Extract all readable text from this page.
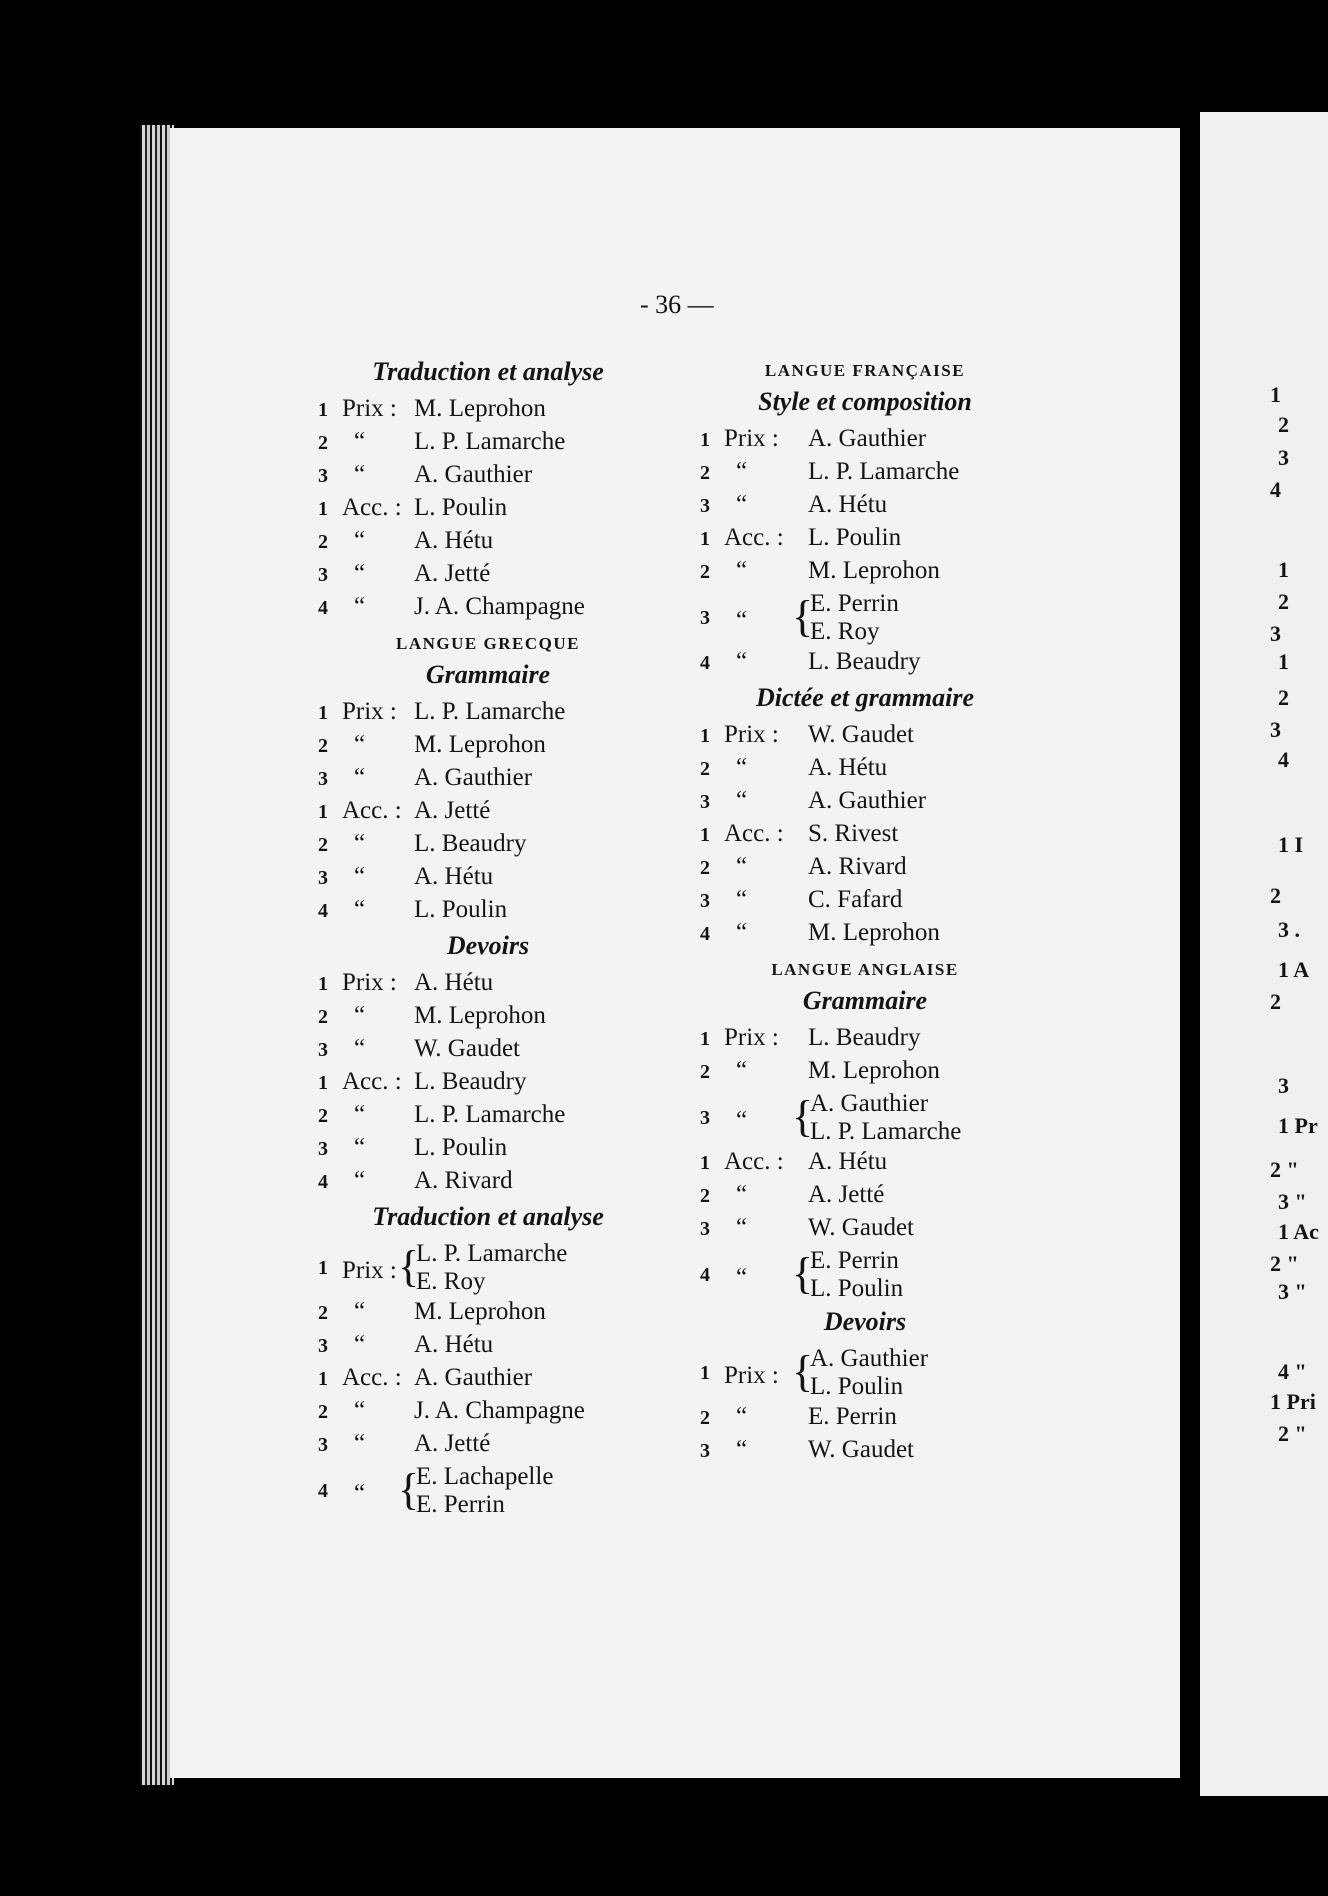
1
2
3
4
1
2
3
1
2
3
4
1 I
2
3 .
1 A
2
3
1 Pr
2 "
3 "
1 Ac
2 "
3 "
4 "
1 Pri
2 "
- 36 —
Traduction et analyse
1 Prix : M. Leprohon
2	“ L. P. Lamarche
3	“ A. Gauthier
1 Acc. : L. Poulin
2	“ A. Hétu
3	“ A. Jetté
4	“ J. A. Champagne
LANGUE GRECQUE
Grammaire
1 Prix : L. P. Lamarche
2	“ M. Leprohon
3	“ A. Gauthier
1 Acc. : A. Jetté
2	“ L. Beaudry
3	“ A. Hétu
4	“ L. Poulin
Devoirs
1 Prix : A. Hétu
2	“ M. Leprohon
3	“ W. Gaudet
1 Acc. : L. Beaudry
2	“ L. P. Lamarche
3	“ L. Poulin
4	“ A. Rivard
Traduction et analyse
1 Prix : {
L. P. Lamarche
E. Roy
2	“ M. Leprohon
3	“ A. Hétu
1 Acc. : A. Gauthier
2	“ J. A. Champagne
3	“ A. Jetté
4	“ {
E. Lachapelle
E. Perrin
LANGUE FRANÇAISE
Style et composition
1 Prix : A. Gauthier
2	“ L. P. Lamarche
3	“ A. Hétu
1 Acc. : L. Poulin
2	“ M. Leprohon
3	“ {
E. Perrin
E. Roy
4	“ L. Beaudry
Dictée et grammaire
1 Prix : W. Gaudet
2	“ A. Hétu
3	“ A. Gauthier
1 Acc. : S. Rivest
2	“ A. Rivard
3	“ C. Fafard
4	“ M. Leprohon
LANGUE ANGLAISE
Grammaire
1 Prix : L. Beaudry
2	“ M. Leprohon
3	“ {
A. Gauthier
L. P. Lamarche
1 Acc. : A. Hétu
2	“ A. Jetté
3	“ W. Gaudet
4	“ {
E. Perrin
L. Poulin
Devoirs
1 Prix : {
A. Gauthier
L. Poulin
2	“ E. Perrin
3	“ W. Gaudet
